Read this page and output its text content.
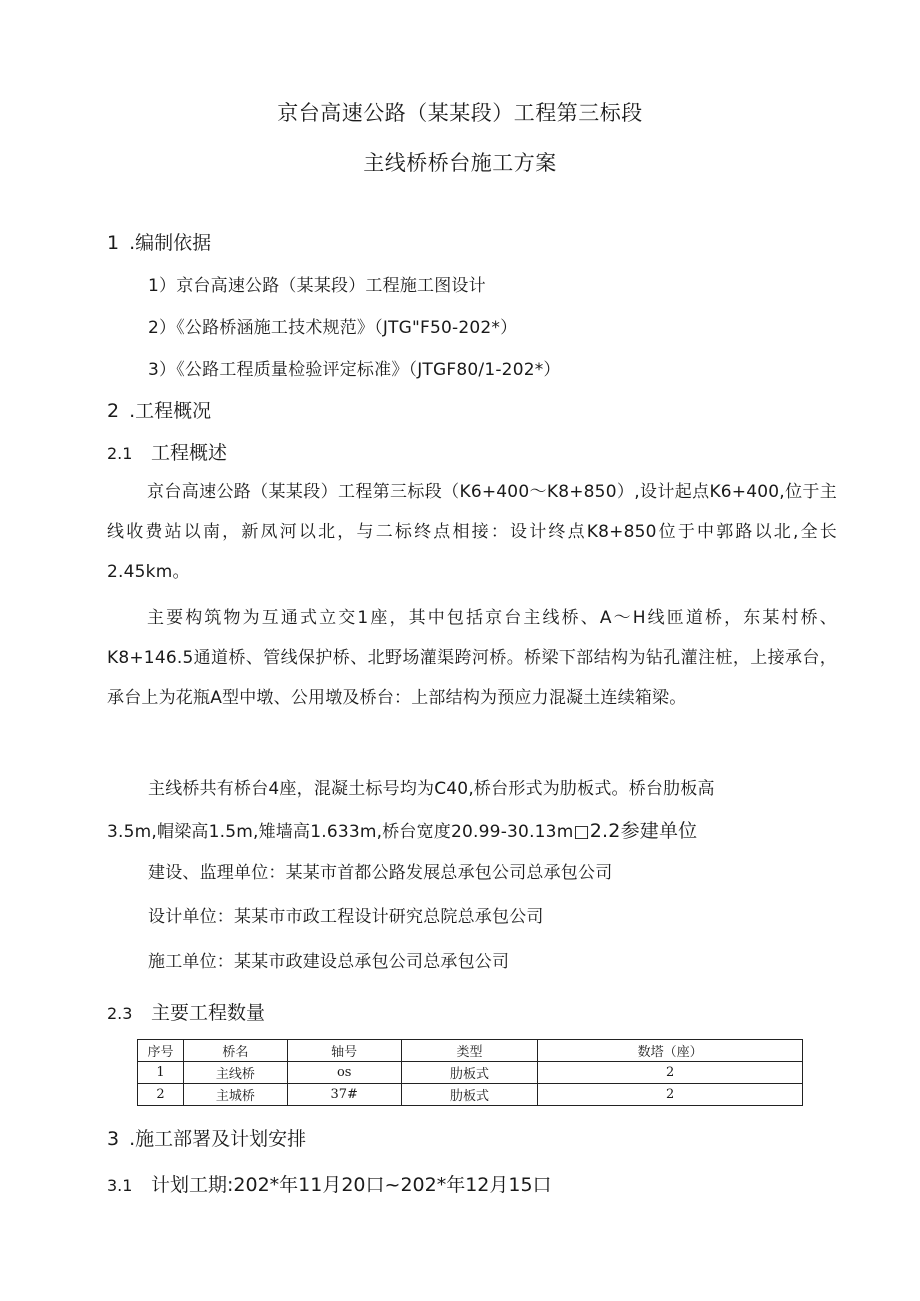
京台高速公路（某某段）工程第三标段
主线桥桥台施工方案
1 .编制依据
1）京台高速公路（某某段）工程施工图设计
2）《公路桥涵施工技术规范》（JTG"F50-202*）
3）《公路工程质量检验评定标准》（JTGF80/1-202*）
2 .工程概况
2.1 工程概述
京台高速公路（某某段）工程第三标段（K6+400～K8+850）,设计起点K6+400,位于主线收费站以南，新凤河以北，与二标终点相接：设计终点K8+850位于中郭路以北,全长2.45km。
主要构筑物为互通式立交1座，其中包括京台主线桥、A～H线匝道桥，东某村桥、K8+146.5通道桥、管线保护桥、北野场灌渠跨河桥。桥梁下部结构为钻孔灌注桩，上接承台，承台上为花瓶A型中墩、公用墩及桥台：上部结构为预应力混凝土连续箱梁。
主线桥共有桥台4座，混凝土标号均为C40,桥台形式为肋板式。桥台肋板高
3.5m,帽梁高1.5m,雉墙高1.633m,桥台宽度20.99-30.13m□2.2参建单位
建设、监理单位：某某市首都公路发展总承包公司总承包公司
设计单位：某某市市政工程设计研究总院总承包公司
施工单位：某某市政建设总承包公司总承包公司
2.3 主要工程数量
序号	桥名	轴号	类型	数塔（座）
1	主线桥	os	肋板式	2
2	主城桥	37#	肋板式	2
3 .施工部署及计划安排
3.1 计划工期:202*年11月20口~202*年12月15口
